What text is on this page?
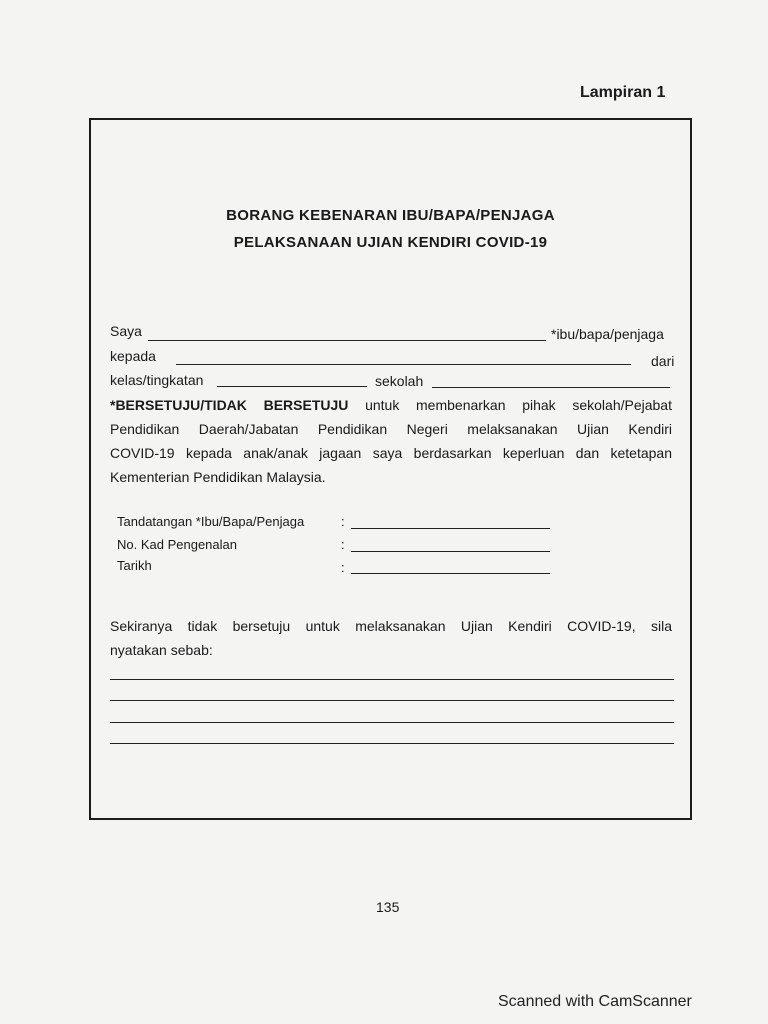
Lampiran 1
BORANG KEBENARAN IBU/BAPA/PENJAGA
PELAKSANAAN UJIAN KENDIRI COVID-19
Saya	*ibu/bapa/penjaga
kepada	dari
kelas/tingkatan	sekolah
*BERSETUJU/TIDAK BERSETUJU untuk membenarkan pihak sekolah/Pejabat
Pendidikan Daerah/Jabatan Pendidikan Negeri melaksanakan Ujian Kendiri
COVID-19 kepada anak/anak jagaan saya berdasarkan keperluan dan ketetapan
Kementerian Pendidikan Malaysia.
Tandatangan *Ibu/Bapa/Penjaga	:
No. Kad Pengenalan	:
Tarikh	:
Sekiranya tidak bersetuju untuk melaksanakan Ujian Kendiri COVID-19, sila
nyatakan sebab:
135
Scanned with CamScanner
